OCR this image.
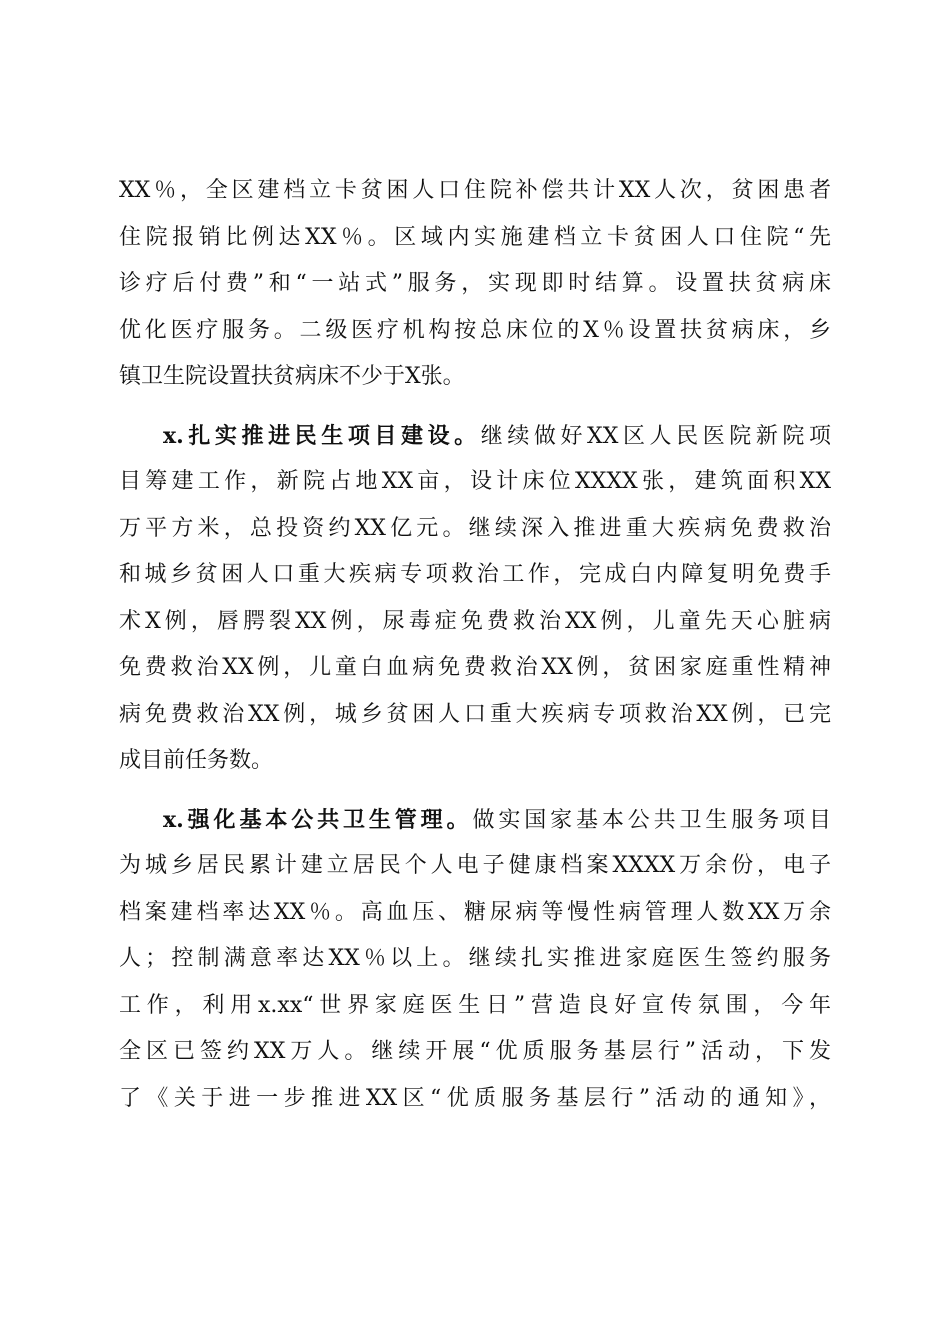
XX％，全区建档立卡贫困人口住院补偿共计XX人次，贫困患者
住院报销比例达XX％。区域内实施建档立卡贫困人口住院“先
诊疗后付费”和“一站式”服务，实现即时结算。设置扶贫病床
优化医疗服务。二级医疗机构按总床位的X％设置扶贫病床，乡
镇卫生院设置扶贫病床不少于X张。
x.扎实推进民生项目建设。继续做好XX区人民医院新院项
目筹建工作，新院占地XX亩，设计床位XXXX张，建筑面积XX
万平方米，总投资约XX亿元。继续深入推进重大疾病免费救治
和城乡贫困人口重大疾病专项救治工作，完成白内障复明免费手
术X例，唇腭裂XX例，尿毒症免费救治XX例，儿童先天心脏病
免费救治XX例，儿童白血病免费救治XX例，贫困家庭重性精神
病免费救治XX例，城乡贫困人口重大疾病专项救治XX例，已完
成目前任务数。
x.强化基本公共卫生管理。做实国家基本公共卫生服务项目
为城乡居民累计建立居民个人电子健康档案XXXX万余份，电子
档案建档率达XX％。高血压、糖尿病等慢性病管理人数XX万余
人；控制满意率达XX％以上。继续扎实推进家庭医生签约服务
工作，利用x.xx“世界家庭医生日”营造良好宣传氛围，今年
全区已签约XX万人。继续开展“优质服务基层行”活动，下发
了《关于进一步推进XX区“优质服务基层行”活动的通知》，
